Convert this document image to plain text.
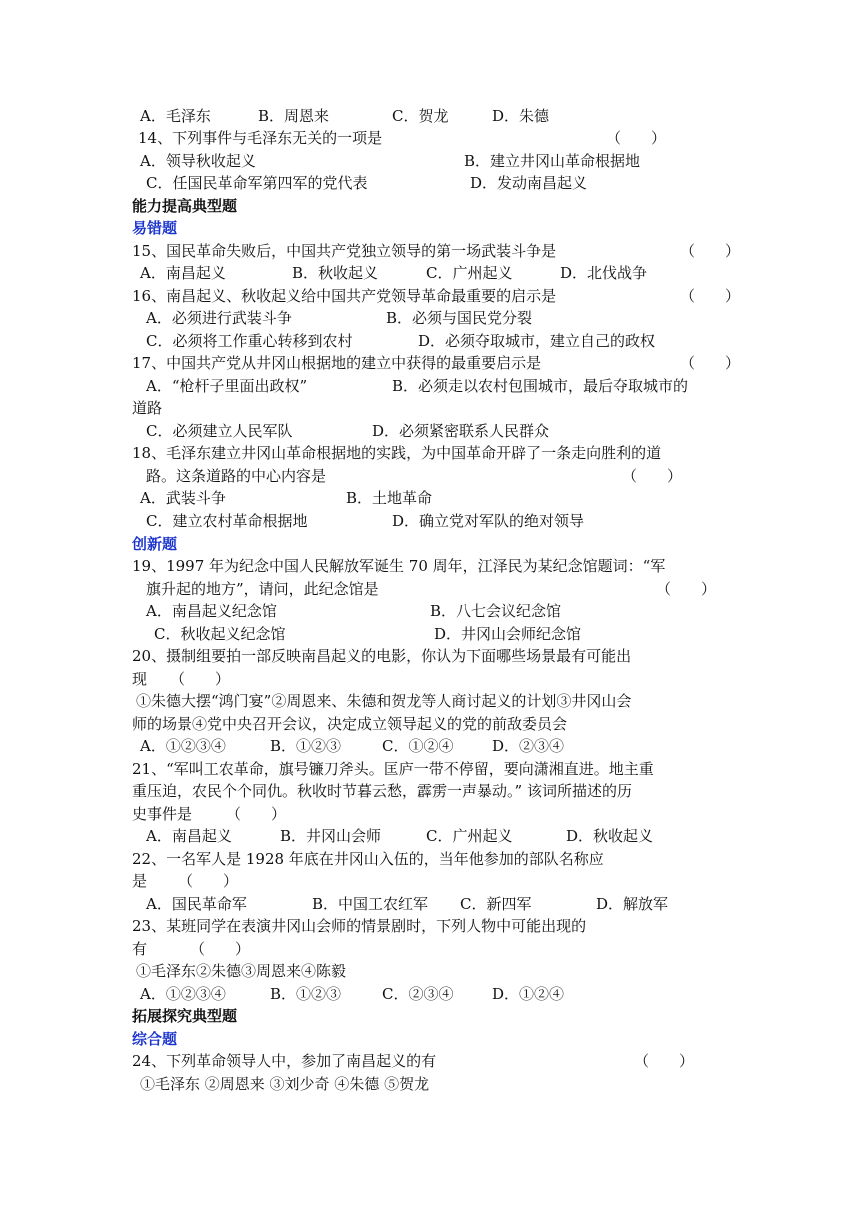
A．毛泽东	B．周恩来	C．贺龙	D．朱德
14、下列事件与毛泽东无关的一项是	（　　）
A．领导秋收起义	B．建立井冈山革命根据地
C．任国民革命军第四军的党代表	D．发动南昌起义
能力提高典型题
易错题
15、国民革命失败后，中国共产党独立领导的第一场武装斗争是	（　　）
A．南昌起义	B．秋收起义	C．广州起义	D．北伐战争
16、南昌起义、秋收起义给中国共产党领导革命最重要的启示是	（　　）
A．必须进行武装斗争	B．必须与国民党分裂
C．必须将工作重心转移到农村	D．必须夺取城市，建立自己的政权
17、中国共产党从井冈山根据地的建立中获得的最重要启示是	（　　）
A．“枪杆子里面出政权”	B．必须走以农村包围城市，最后夺取城市的
道路
C．必须建立人民军队	D．必须紧密联系人民群众
18、毛泽东建立井冈山革命根据地的实践，为中国革命开辟了一条走向胜利的道
路。这条道路的中心内容是	（　　）
A．武装斗争	B．土地革命
C．建立农村革命根据地	D．确立党对军队的绝对领导
创新题
19、1997 年为纪念中国人民解放军诞生 70 周年，江泽民为某纪念馆题词：“军
旗升起的地方”，请问，此纪念馆是	（　　）
A．南昌起义纪念馆	B．八七会议纪念馆
C．秋收起义纪念馆	D．井冈山会师纪念馆
20、摄制组要拍一部反映南昌起义的电影，你认为下面哪些场景最有可能出
现 （　　）
①朱德大摆“鸿门宴”②周恩来、朱德和贺龙等人商讨起义的计划③井冈山会
师的场景④党中央召开会议，决定成立领导起义的党的前敌委员会
A．①②③④	B．①②③	C．①②④	D．②③④
21、“军叫工农革命，旗号镰刀斧头。匡庐一带不停留，要向潇湘直进。地主重
重压迫，农民个个同仇。秋收时节暮云愁，霹雳一声暴动。” 该词所描述的历
史事件是 （　　）
A．南昌起义	B．井冈山会师	C．广州起义	D．秋收起义
22、一名军人是 1928 年底在井冈山入伍的，当年他参加的部队名称应
是 （　　）
A．国民革命军	B．中国工农红军 C．新四军	D．解放军
23、某班同学在表演井冈山会师的情景剧时，下列人物中可能出现的
有	（　　）
①毛泽东②朱德③周恩来④陈毅
A．①②③④	B．①②③	C．②③④	D．①②④
拓展探究典型题
综合题
24、下列革命领导人中，参加了南昌起义的有	（　　）
①毛泽东 ②周恩来 ③刘少奇 ④朱德 ⑤贺龙
